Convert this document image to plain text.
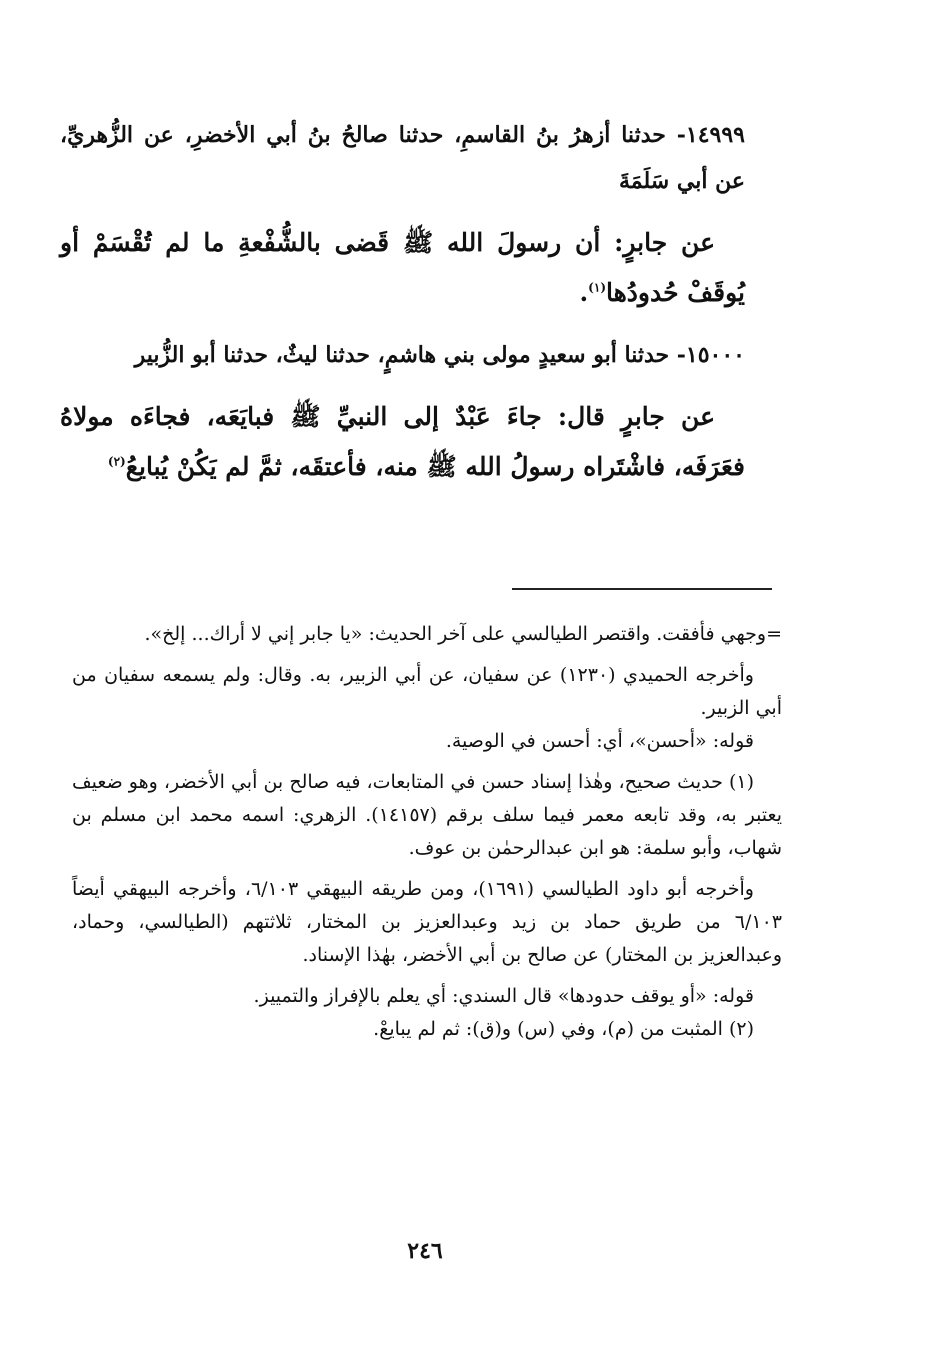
١٤٩٩٩- حدثنا أزهرُ بنُ القاسمِ، حدثنا صالحُ بنُ أبي الأخضرِ، عن الزُّهريِّ، عن أبي سَلَمَةَ

عن جابرٍ: أن رسولَ الله ﷺ قَضى بالشُّفْعةِ ما لم تُقْسَمْ أو يُوقَفْ حُدودُها$^{(١)}$.

١٥٠٠٠- حدثنا أبو سعيدٍ مولى بني هاشمٍ، حدثنا ليثٌ، حدثنا أبو الزُّبير

عن جابرٍ قال: جاءَ عَبْدٌ إلى النبيِّ ﷺ فبايَعَه، فجاءَه مولاهُ فعَرَفَه، فاشْتَراه رسولُ الله ﷺ منه، فأعتقَه، ثمَّ لم يَكُنْ يُبايعُ$^{(٢)}$

=وجهي فأفقت. واقتصر الطيالسي على آخر الحديث: «يا جابر إني لا أراك... إلخ».

وأخرجه الحميدي (١٢٣٠) عن سفيان، عن أبي الزبير، به. وقال: ولم يسمعه سفيان من أبي الزبير.

قوله: «أحسن»، أي: أحسن في الوصية.

(١) حديث صحيح، وهٰذا إسناد حسن في المتابعات، فيه صالح بن أبي الأخضر، وهو ضعيف يعتبر به، وقد تابعه معمر فيما سلف برقم (١٤١٥٧). الزهري: اسمه محمد ابن مسلم بن شهاب، وأبو سلمة: هو ابن عبدالرحمٰن بن عوف.

وأخرجه أبو داود الطيالسي (١٦٩١)، ومن طريقه البيهقي ٦/١٠٣، وأخرجه البيهقي أيضاً ٦/١٠٣ من طريق حماد بن زيد وعبدالعزيز بن المختار، ثلاثتهم (الطيالسي، وحماد، وعبدالعزيز بن المختار) عن صالح بن أبي الأخضر، بهٰذا الإسناد.

قوله: «أو يوقف حدودها» قال السندي: أي يعلم بالإفراز والتمييز.

(٢) المثبت من (م)، وفي (س) و(ق): ثم لم يبايعْ.

٢٤٦
